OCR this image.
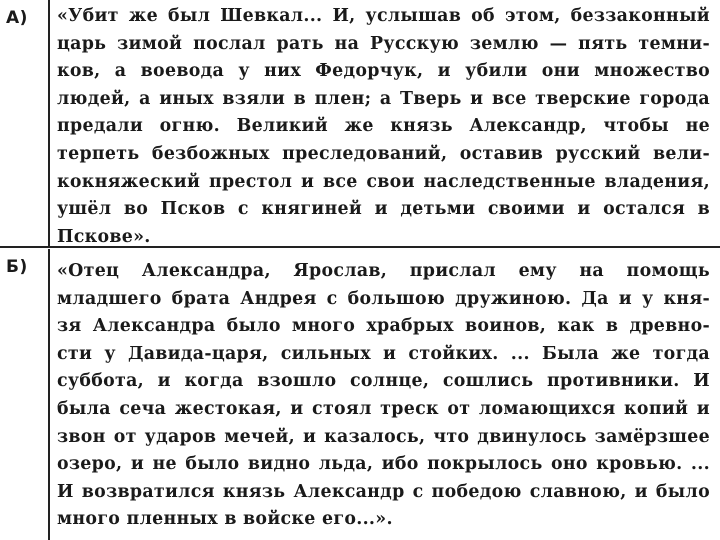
А) «Убит же был Шевкал... И, услышав об этом, беззаконный
царь зимой послал рать на Русскую землю — пять темни-
ков, а воевода у них Федорчук, и убили они множество
людей, а иных взяли в плен; а Тверь и все тверские города
предали огню. Великий же князь Александр, чтобы не
терпеть безбожных преследований, оставив русский вели-
кокняжеский престол и все свои наследственные владения,
ушёл во Псков с княгиней и детьми своими и остался в
Пскове».
Б) «Отец Александра, Ярослав, прислал ему на помощь
младшего брата Андрея с большою дружиною. Да и у кня-
зя Александра было много храбрых воинов, как в древно-
сти у Давида-царя, сильных и стойких. ... Была же тогда
суббота, и когда взошло солнце, сошлись противники. И
была сеча жестокая, и стоял треск от ломающихся копий и
звон от ударов мечей, и казалось, что двинулось замёрзшее
озеро, и не было видно льда, ибо покрылось оно кровью. ...
И возвратился князь Александр с победою славною, и было
много пленных в войске его...».
